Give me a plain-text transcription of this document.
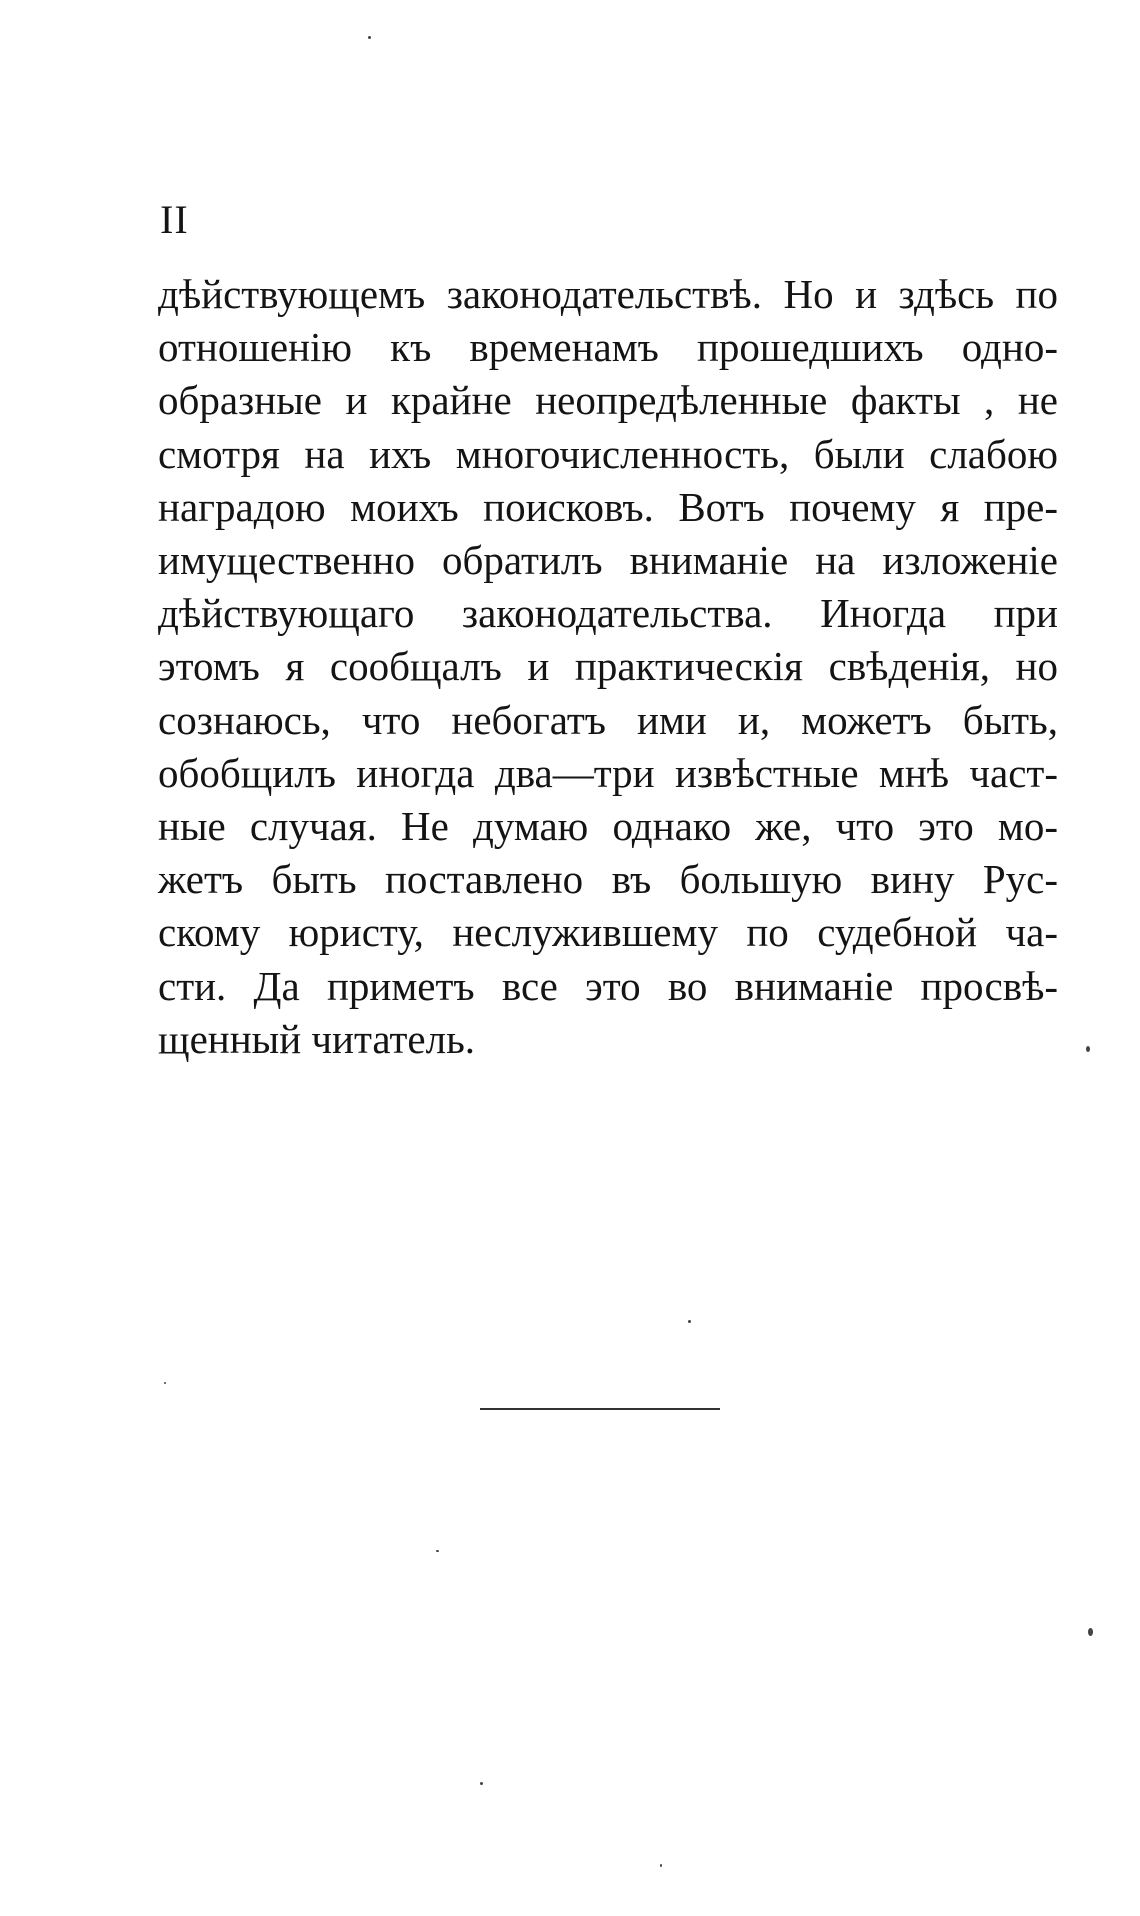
II
дѣйствующемъ законодательствѣ. Но и здѣсь по
отношенію къ временамъ прошедшихъ одно-
образные и крайне неопредѣленные факты , не
смотря на ихъ многочисленность, были слабою
наградою моихъ поисковъ. Вотъ почему я пре-
имущественно обратилъ вниманіе на изложеніе
дѣйствующаго законодательства. Иногда при
этомъ я сообщалъ и практическія свѣденія, но
сознаюсь, что небогатъ ими и, можетъ быть,
обобщилъ иногда два—три извѣстные мнѣ част-
ные случая. Не думаю однако же, что это мо-
жетъ быть поставлено въ большую вину Рус-
скому юристу, неслужившему по судебной ча-
сти. Да приметъ все это во вниманіе просвѣ-
щенный читатель.
